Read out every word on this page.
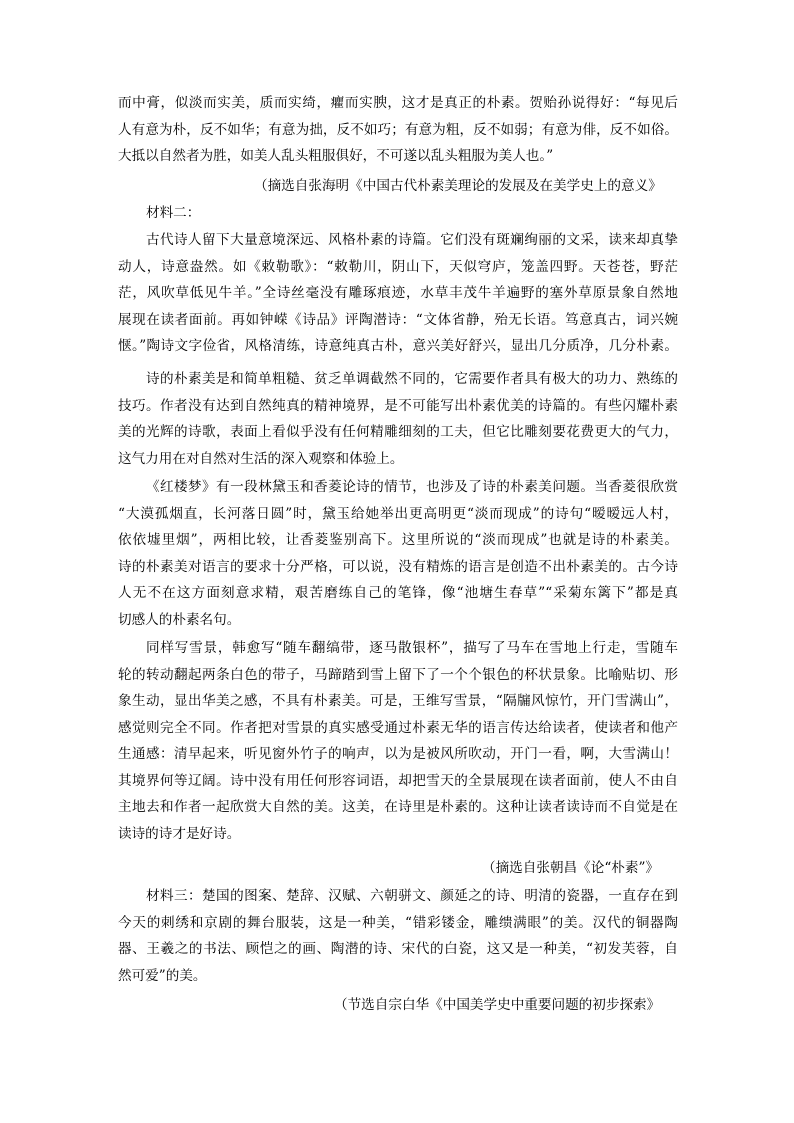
而中膏，似淡而实美，质而实绮，癯而实腴，这才是真正的朴素。贺贻孙说得好：“每见后
人有意为朴，反不如华；有意为拙，反不如巧；有意为粗，反不如弱；有意为俳，反不如俗。
大抵以自然者为胜，如美人乱头粗服俱好，不可遂以乱头粗服为美人也。”
（摘选自张海明《中国古代朴素美理论的发展及在美学史上的意义》
材料二：
古代诗人留下大量意境深远、风格朴素的诗篇。它们没有斑斓绚丽的文采，读来却真挚
动人，诗意盎然。如《敕勒歌》：“敕勒川，阴山下，天似穹庐，笼盖四野。天苍苍，野茫
茫，风吹草低见牛羊。”全诗丝毫没有雕琢痕迹，水草丰茂牛羊遍野的塞外草原景象自然地
展现在读者面前。再如钟嵘《诗品》评陶潜诗：“文体省静，殆无长语。笃意真古，词兴婉
惬。”陶诗文字俭省，风格清练，诗意纯真古朴，意兴美好舒兴，显出几分质净，几分朴素。
诗的朴素美是和简单粗糙、贫乏单调截然不同的，它需要作者具有极大的功力、熟练的
技巧。作者没有达到自然纯真的精神境界，是不可能写出朴素优美的诗篇的。有些闪耀朴素
美的光辉的诗歌，表面上看似乎没有任何精雕细刻的工夫，但它比雕刻要花费更大的气力，
这气力用在对自然对生活的深入观察和体验上。
《红楼梦》有一段林黛玉和香菱论诗的情节，也涉及了诗的朴素美问题。当香菱很欣赏
“大漠孤烟直，长河落日圆”时，黛玉给她举出更高明更“淡而现成”的诗句“暧暧远人村，
依依墟里烟”，两相比较，让香菱鉴别高下。这里所说的“淡而现成”也就是诗的朴素美。
诗的朴素美对语言的要求十分严格，可以说，没有精炼的语言是创造不出朴素美的。古今诗
人无不在这方面刻意求精，艰苦磨练自己的笔锋，像“池塘生春草”“采菊东篱下”都是真
切感人的朴素名句。
同样写雪景，韩愈写“随车翻缟带，逐马散银杯”，描写了马车在雪地上行走，雪随车
轮的转动翻起两条白色的带子，马蹄踏到雪上留下了一个个银色的杯状景象。比喻贴切、形
象生动，显出华美之感，不具有朴素美。可是，王维写雪景，“隔牖风惊竹，开门雪满山”，
感觉则完全不同。作者把对雪景的真实感受通过朴素无华的语言传达给读者，使读者和他产
生通感：清早起来，听见窗外竹子的响声，以为是被风所吹动，开门一看，啊，大雪满山！
其境界何等辽阔。诗中没有用任何形容词语，却把雪天的全景展现在读者面前，使人不由自
主地去和作者一起欣赏大自然的美。这美，在诗里是朴素的。这种让读者读诗而不自觉是在
读诗的诗才是好诗。
（摘选自张朝昌《论“朴素”》
材料三：楚国的图案、楚辞、汉赋、六朝骈文、颜延之的诗、明清的瓷器，一直存在到
今天的刺绣和京剧的舞台服装，这是一种美，“错彩镂金，雕缋满眼”的美。汉代的铜器陶
器、王羲之的书法、顾恺之的画、陶潜的诗、宋代的白瓷，这又是一种美，“初发芙蓉，自
然可爱”的美。
（节选自宗白华《中国美学史中重要问题的初步探索》
